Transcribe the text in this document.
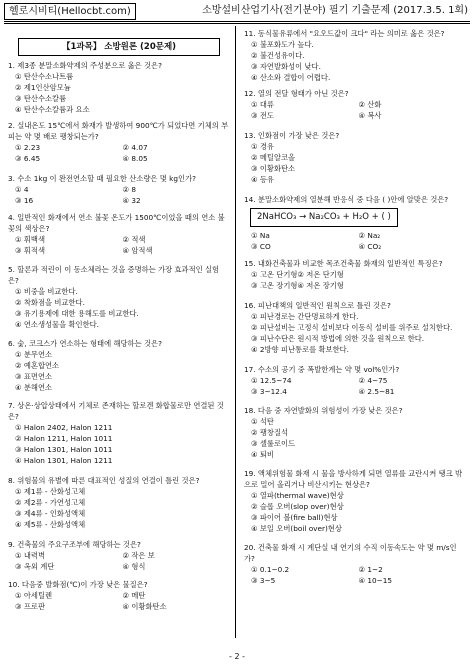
헬로시비티(Hellocbt.com)	소방설비산업기사(전기분야) 필기 기출문제 (2017.3.5. 1회)
【1과목】 소방원론 (20문제)
1. 제3종 분말소화약제의 주성분으로 옳은 것은?
① 탄산수소나트륨
② 제1인산암모늄
③ 탄산수소칼륨
④ 탄산수소칼륨과 요소
2. 실내온도 15℃에서 화재가 발생하여 900℃가 되었다면 기체의 부피는 약 몇 배로 팽창되는가?
① 2.23	② 4.07
③ 6.45	④ 8.05
3. 수소 1kg 이 완전연소할 때 필요한 산소량은 몇 kg인가?
① 4	② 8
③ 16	④ 32
4. 일반적인 화재에서 연소 불꽃 온도가 1500℃이었을 때의 연소 불꽃의 색상은?
① 휘백색	② 적색
③ 휘적색	④ 암적색
5. 할론과 적린이 이 동소체라는 것을 증명하는 가장 효과적인 실험은?
① 비중을 비교한다.
② 착화점을 비교한다.
③ 유기용제에 대한 용해도를 비교한다.
④ 연소생성물을 확인한다.
6. 숯, 코크스가 연소하는 형태에 해당하는 것은?
① 분무연소
② 예혼합연소
③ 표면연소
④ 분해연소
7. 상온·상압상태에서 기체로 존재하는 할로겐 화합물로만 연결된 것은?
① Halon 2402, Halon 1211
② Halon 1211, Halon 1011
③ Halon 1301, Halon 1011
④ Halon 1301, Halon 1211
8. 위험물의 유별에 따른 대표적인 성질의 연결이 틀린 것은?
① 제1류 - 산화성고체
② 제2류 - 가연성고체
③ 제4류 - 인화성액체
④ 제5류 - 산화성액체
9. 건축물의 주요구조부에 해당하는 것은?
① 내력벽	② 작은 보
③ 옥외 계단	④ 형식
10. 다음중 발화점(℃)이 가장 낮은 물질은?
① 아세틸렌	② 메탄
③ 프로판	④ 이황화탄소
11. 동식물유류에서 "요오드값이 크다" 라는 의미로 옳은 것은?
① 불포화도가 높다.
② 불건성유이다.
③ 자연발화성이 낮다.
④ 산소와 결합이 어렵다.
12. 열의 전달 형태가 아닌 것은?
① 대류	② 산화
③ 전도	④ 복사
13. 인화점이 가장 낮은 것은?
① 경유
② 메틸알코올
③ 이황화탄소
④ 등유
14. 분말소화약제의 열분해 반응식 중 다음 ( )안에 알맞은 것은?
2NaHCO₃ → Na₂CO₃ + H₂O + ( )
① Na	② Na₂
③ CO	④ CO₂
15. 내화건축물과 비교한 목조건축물 화재의 일반적인 특징은?
① 고온 단기형② 저온 단기형
③ 고온 장기형④ 저온 장기형
16. 피난대책의 일반적인 원칙으로 틀린 것은?
① 피난경로는 간단명료하게 한다.
② 피난설비는 고정식 설비보다 이동식 설비를 위주로 설치한다.
③ 피난수단은 원시적 방법에 의한 것을 원칙으로 한다.
④ 2방향 피난통로를 확보한다.
17. 수소의 공기 중 폭발한계는 약 몇 vol%인가?
① 12.5~74	② 4~75
③ 3~12.4	④ 2.5~81
18. 다음 중 자연발화의 위험성이 가장 낮은 것은?
① 석탄
② 팽창질석
③ 셀룰로이드
④ 퇴비
19. 액체위험물 화재 시 물을 방사하게 되면 열류를 교란시켜 탱크 밖으로 밀어 올리거나 비산시키는 현상은?
① 열파(thermal wave)현상
② 슬롭 오버(slop over)현상
③ 파이어 볼(fire ball)현상
④ 보일 오버(boil over)현상
20. 건축물 화재 시 계단실 내 연기의 수직 이동속도는 약 몇 m/s인가?
① 0.1~0.2	② 1~2
③ 3~5	④ 10~15
- 2 -
